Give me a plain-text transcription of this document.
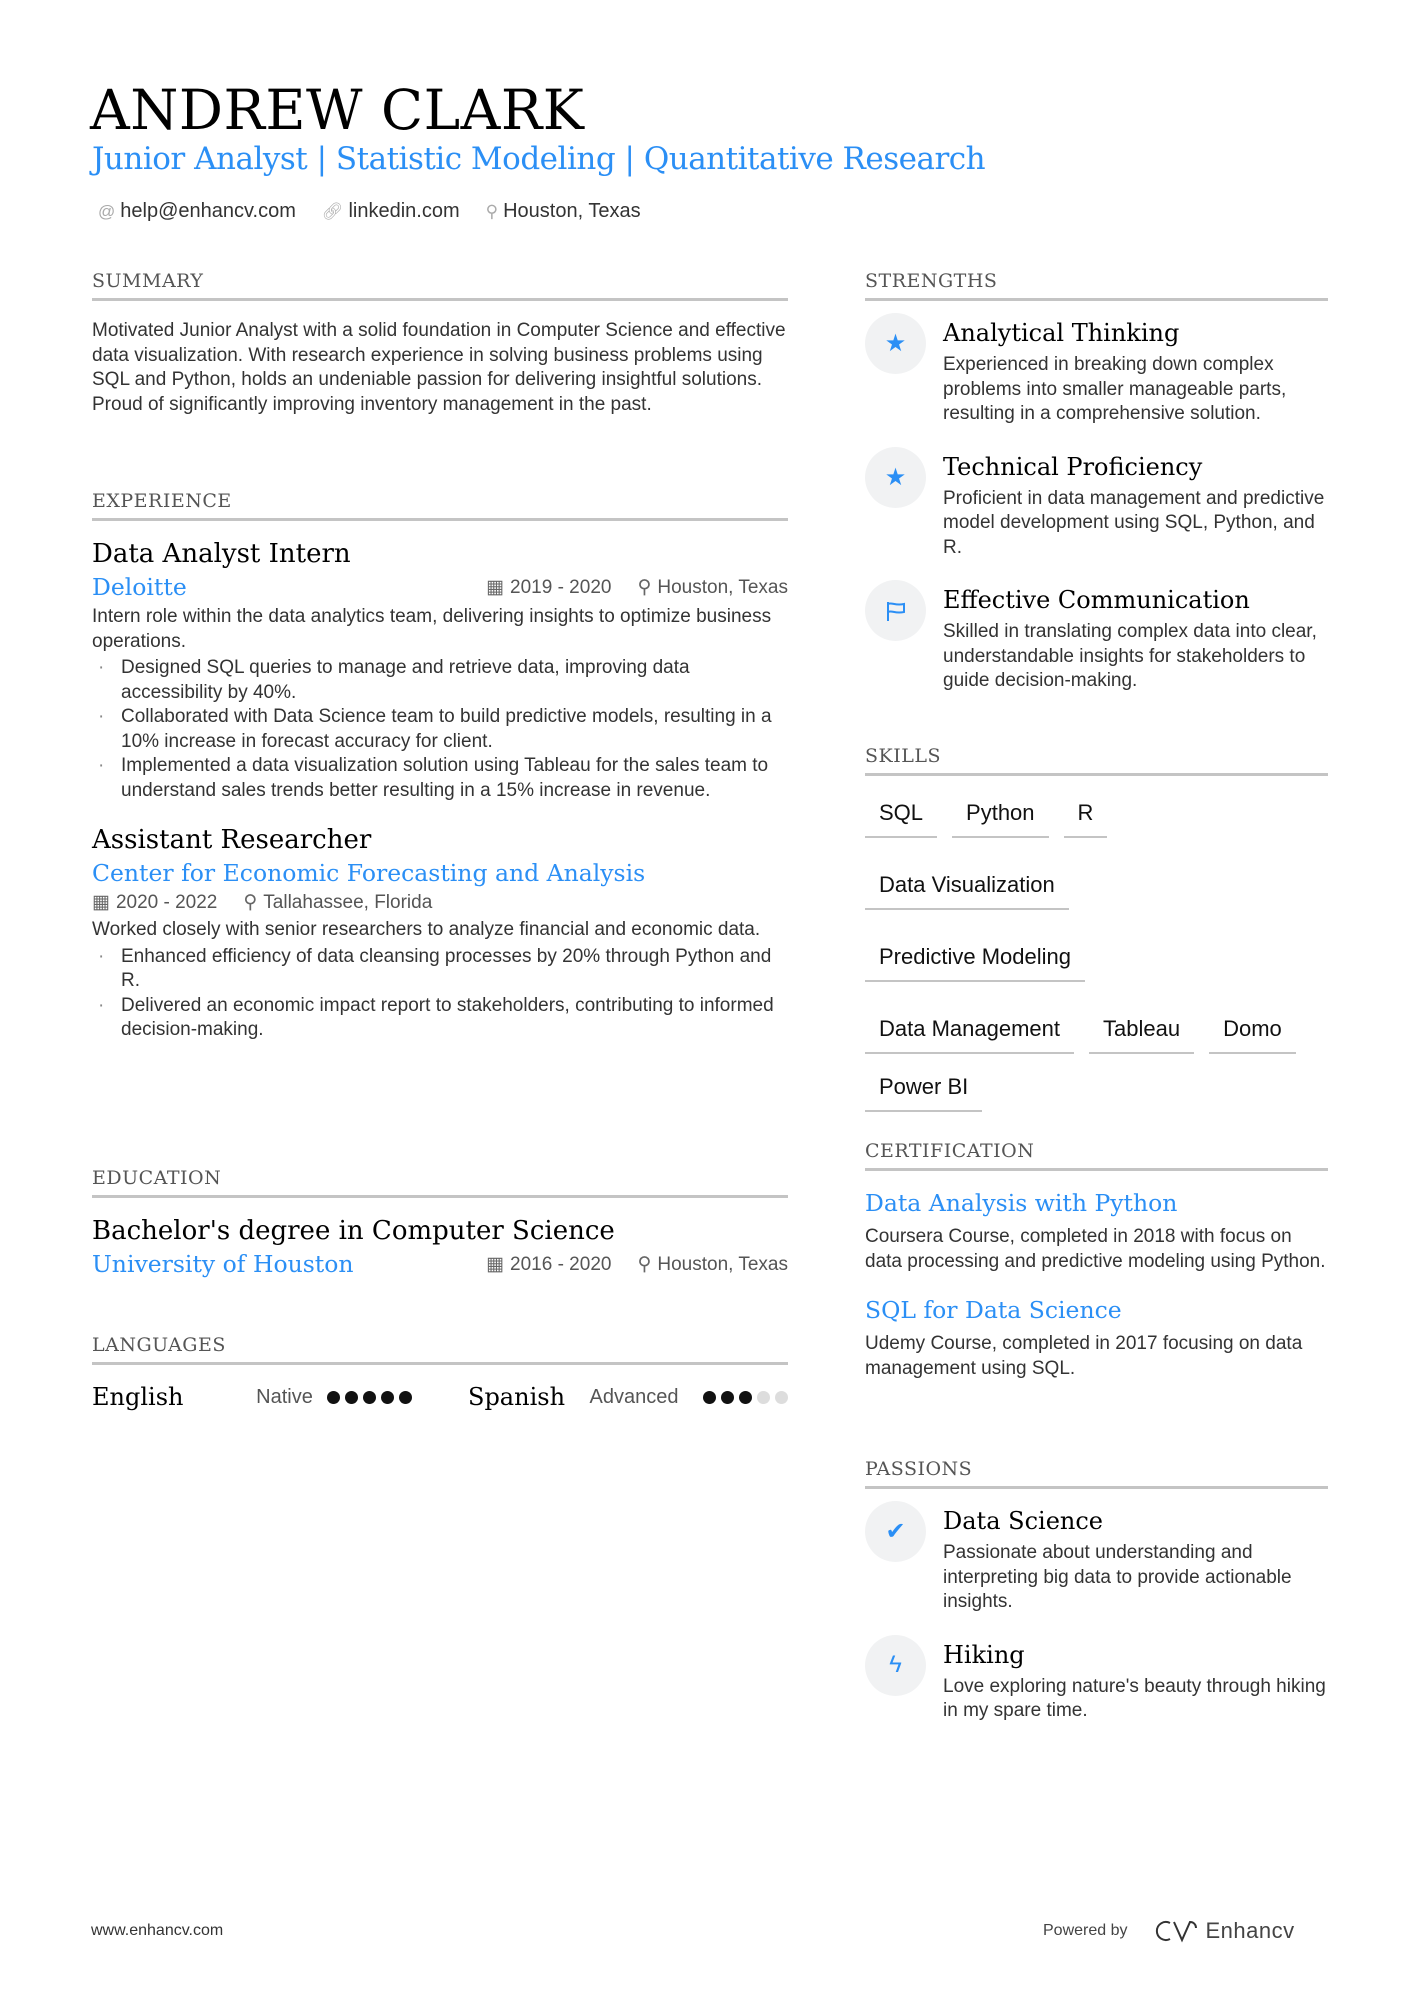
ANDREW CLARK
Junior Analyst | Statistic Modeling | Quantitative Research
@ help@enhancv.com 🔗︎ linkedin.com ⚲ Houston, Texas
SUMMARY
Motivated Junior Analyst with a solid foundation in Computer Science and effective data visualization. With research experience in solving business problems using SQL and Python, holds an undeniable passion for delivering insightful solutions. Proud of significantly improving inventory management in the past.
EXPERIENCE
Data Analyst Intern
Deloitte	▦ 2019 - 2020 ⚲ Houston, Texas
Intern role within the data analytics team, delivering insights to optimize business operations.
· Designed SQL queries to manage and retrieve data, improving data accessibility by 40%.
· Collaborated with Data Science team to build predictive models, resulting in a 10% increase in forecast accuracy for client.
· Implemented a data visualization solution using Tableau for the sales team to understand sales trends better resulting in a 15% increase in revenue.
Assistant Researcher
Center for Economic Forecasting and Analysis
▦ 2020 - 2022 ⚲ Tallahassee, Florida
Worked closely with senior researchers to analyze financial and economic data.
· Enhanced efficiency of data cleansing processes by 20% through Python and R.
· Delivered an economic impact report to stakeholders, contributing to informed decision-making.
EDUCATION
Bachelor's degree in Computer Science
University of Houston	▦ 2016 - 2020 ⚲ Houston, Texas
LANGUAGES
English	Native	Spanish Advanced
STRENGTHS
★	Analytical Thinking
Experienced in breaking down complex problems into smaller manageable parts, resulting in a comprehensive solution.
★	Technical Proficiency
Proficient in data management and predictive model development using SQL, Python, and R.
Effective Communication
Skilled in translating complex data into clear, understandable insights for stakeholders to guide decision-making.
SKILLS
SQL	Python	R
Data Visualization
Predictive Modeling
Data Management	Tableau	Domo
Power BI
CERTIFICATION
Data Analysis with Python
Coursera Course, completed in 2018 with focus on data processing and predictive modeling using Python.
SQL for Data Science
Udemy Course, completed in 2017 focusing on data management using SQL.
PASSIONS
✔	Data Science
Passionate about understanding and interpreting big data to provide actionable insights.
ϟ	Hiking
Love exploring nature's beauty through hiking in my spare time.
www.enhancv.com	Powered by	Enhancv
